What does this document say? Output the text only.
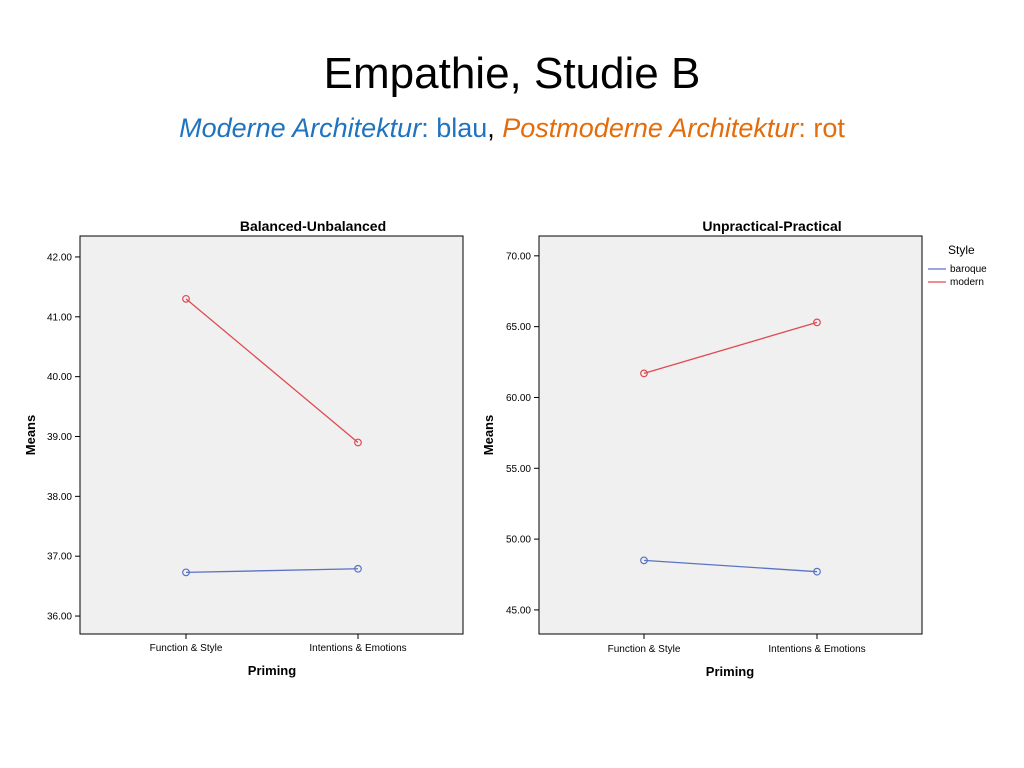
Empathie, Studie B
Moderne Architektur: blau, Postmoderne Architektur: rot
Balanced-Unbalanced
36.00
37.00
38.00
39.00
40.00
41.00
42.00
Function & Style	Intentions & Emotions
Priming
Means
Unpractical-Practical
45.00
50.00
55.00
60.00
65.00
70.00
Function & Style	Intentions & Emotions
Priming
Means
Style
baroque
modern
